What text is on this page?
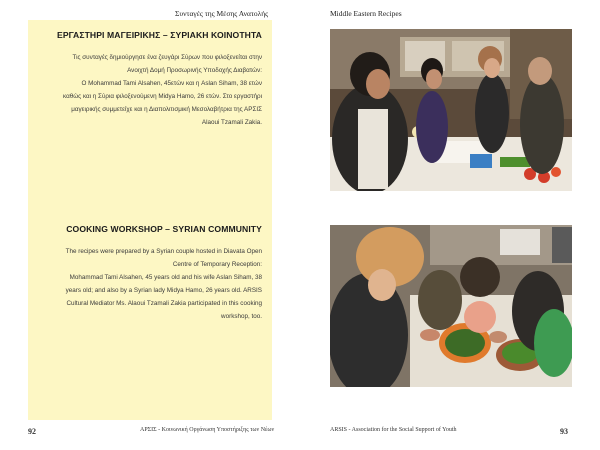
Συνταγές της Μέσης Ανατολής	Middle Eastern Recipes
ΕΡΓΑΣΤΗΡΙ ΜΑΓΕΙΡΙΚΗΣ – ΣΥΡΙΑΚΗ ΚΟΙΝΟΤΗΤΑ
Τις συνταγές δημιούργησε ένα ζευγάρι Σύρων που φιλοξενείται στην
Ανοιχτή Δομή Προσωρινής Υποδοχής Διαβατών:
Ο Mohammad Tami Alsahen, 45ετών και η Aslan Siham, 38 ετών
καθώς και η Σύρια φιλοξενούμενη Midya Hamo, 26 ετών. Στο εργαστήρι
μαγειρικής συμμετείχε και η Διαπολιτισμική Μεσολαβήτρια της ΑΡΣΙΣ
Alaoui Tzamali Zakia.
COOKING WORKSHOP – SYRIAN COMMUNITY
The recipes were prepared by a Syrian couple hosted in Diavata Open
Centre of Temporary Reception:
Mohammad Tami Alsahen, 45 years old and his wife Aslan Siham, 38
years old; and also by a Syrian lady Midya Hamo, 26 years old. ARSIS
Cultural Mediator Ms. Alaoui Tzamali Zakia participated in this cooking
workshop, too.
92	ΑΡΣΙΣ - Κοινωνική Οργάνωση Υποστήριξης των Νέων	ARSIS - Association for the Social Support of Youth	93
